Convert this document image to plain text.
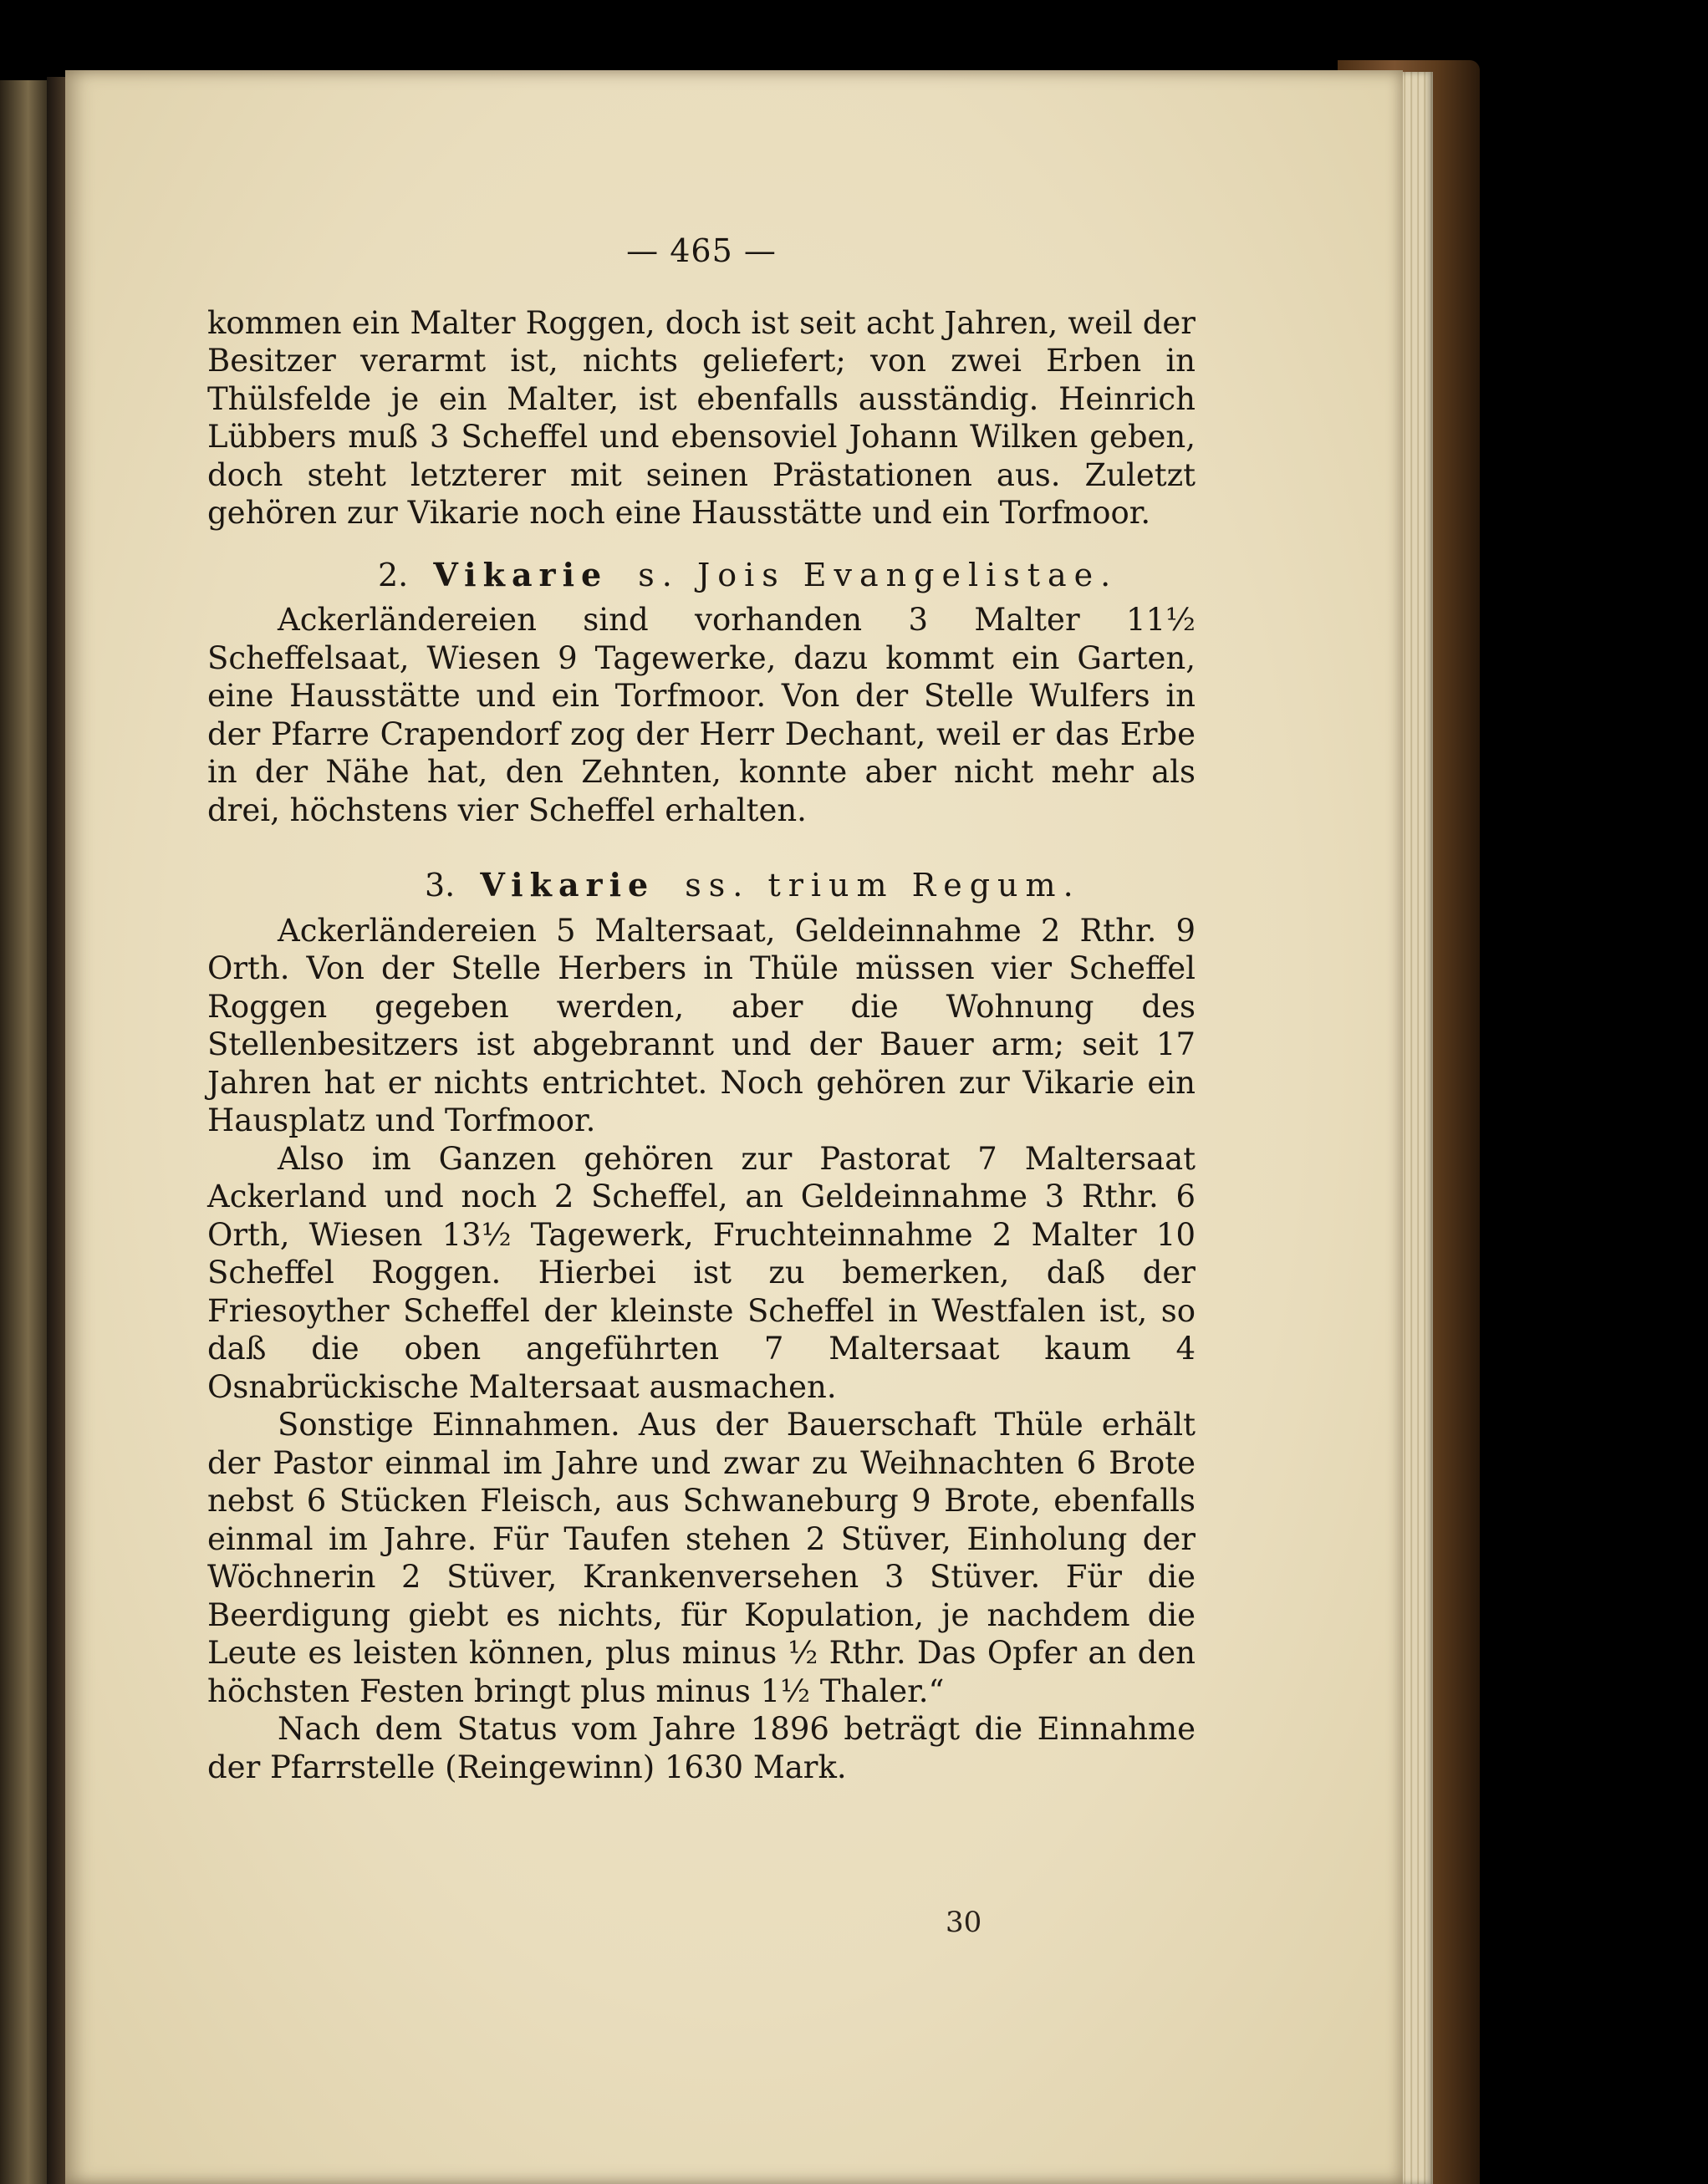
— 465 —

kommen ein Malter Roggen, doch ist seit acht Jahren, weil der Besitzer verarmt ist, nichts geliefert; von zwei Erben in Thülsfelde je ein Malter, ist ebenfalls ausständig. Heinrich Lübbers muß 3 Scheffel und ebensoviel Johann Wilken geben, doch steht letzterer mit seinen Prästationen aus. Zuletzt gehören zur Vikarie noch eine Hausstätte und ein Torfmoor.

2. Vikarie s. Jois Evangelistae.

Ackerländereien sind vorhanden 3 Malter 11½ Scheffelsaat, Wiesen 9 Tagewerke, dazu kommt ein Garten, eine Hausstätte und ein Torfmoor. Von der Stelle Wulfers in der Pfarre Crapendorf zog der Herr Dechant, weil er das Erbe in der Nähe hat, den Zehnten, konnte aber nicht mehr als drei, höchstens vier Scheffel erhalten.

3. Vikarie ss. trium Regum.

Ackerländereien 5 Maltersaat, Geldeinnahme 2 Rthr. 9 Orth. Von der Stelle Herbers in Thüle müssen vier Scheffel Roggen gegeben werden, aber die Wohnung des Stellenbesitzers ist abgebrannt und der Bauer arm; seit 17 Jahren hat er nichts entrichtet. Noch gehören zur Vikarie ein Hausplatz und Torfmoor.

Also im Ganzen gehören zur Pastorat 7 Maltersaat Ackerland und noch 2 Scheffel, an Geldeinnahme 3 Rthr. 6 Orth, Wiesen 13½ Tagewerk, Fruchteinnahme 2 Malter 10 Scheffel Roggen. Hierbei ist zu bemerken, daß der Friesoyther Scheffel der kleinste Scheffel in Westfalen ist, so daß die oben angeführten 7 Maltersaat kaum 4 Osnabrückische Maltersaat ausmachen.

Sonstige Einnahmen. Aus der Bauerschaft Thüle erhält der Pastor einmal im Jahre und zwar zu Weihnachten 6 Brote nebst 6 Stücken Fleisch, aus Schwaneburg 9 Brote, ebenfalls einmal im Jahre. Für Taufen stehen 2 Stüver, Einholung der Wöchnerin 2 Stüver, Krankenversehen 3 Stüver. Für die Beerdigung giebt es nichts, für Kopulation, je nachdem die Leute es leisten können, plus minus ½ Rthr. Das Opfer an den höchsten Festen bringt plus minus 1½ Thaler.“

Nach dem Status vom Jahre 1896 beträgt die Einnahme der Pfarrstelle (Reingewinn) 1630 Mark.

30
